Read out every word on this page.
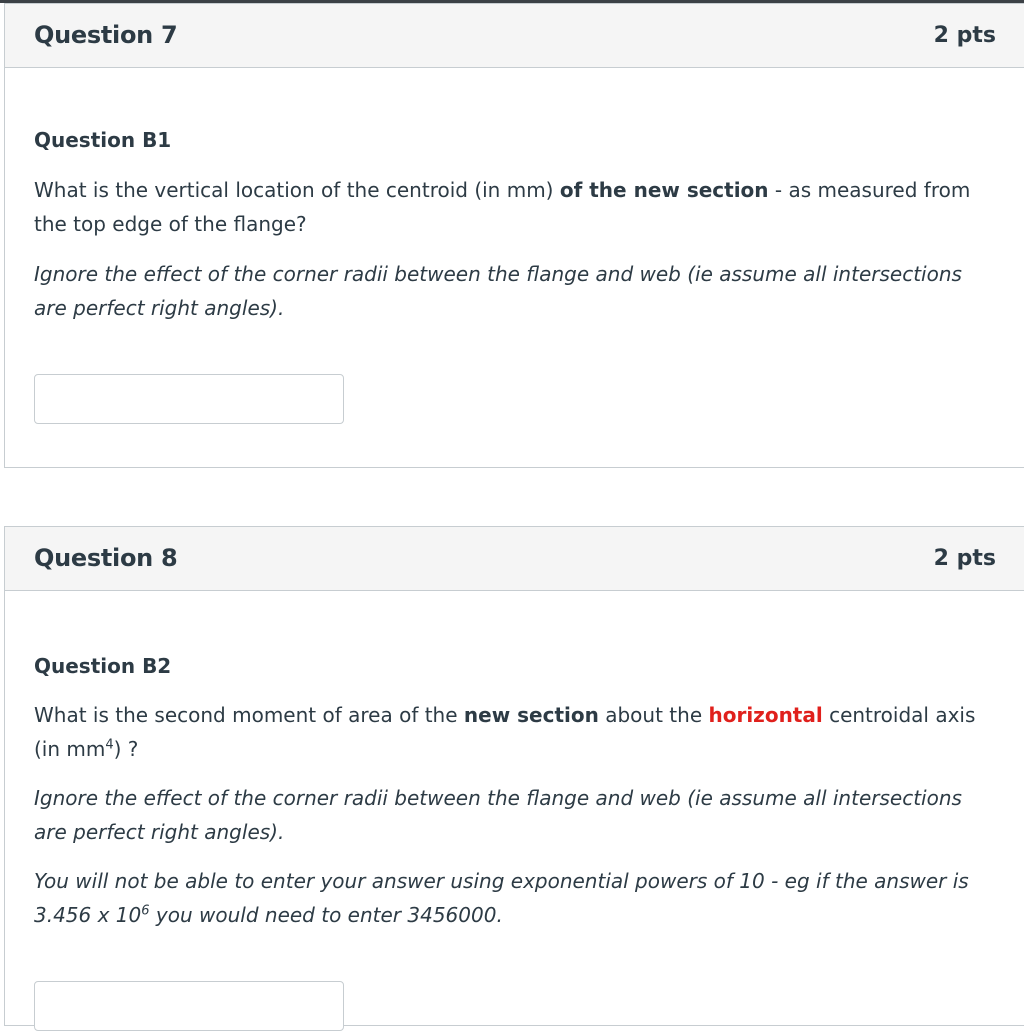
Question 7	2 pts
Question B1
What is the vertical location of the centroid (in mm) of the new section - as measured from the top edge of the flange?
Ignore the effect of the corner radii between the flange and web (ie assume all intersections are perfect right angles).
Question 8	2 pts
Question B2
What is the second moment of area of the new section about the horizontal centroidal axis (in $mm^4$) ?
Ignore the effect of the corner radii between the flange and web (ie assume all intersections are perfect right angles).
You will not be able to enter your answer using exponential powers of 10 - eg if the answer is 3.456 x $10^6$ you would need to enter 3456000.
